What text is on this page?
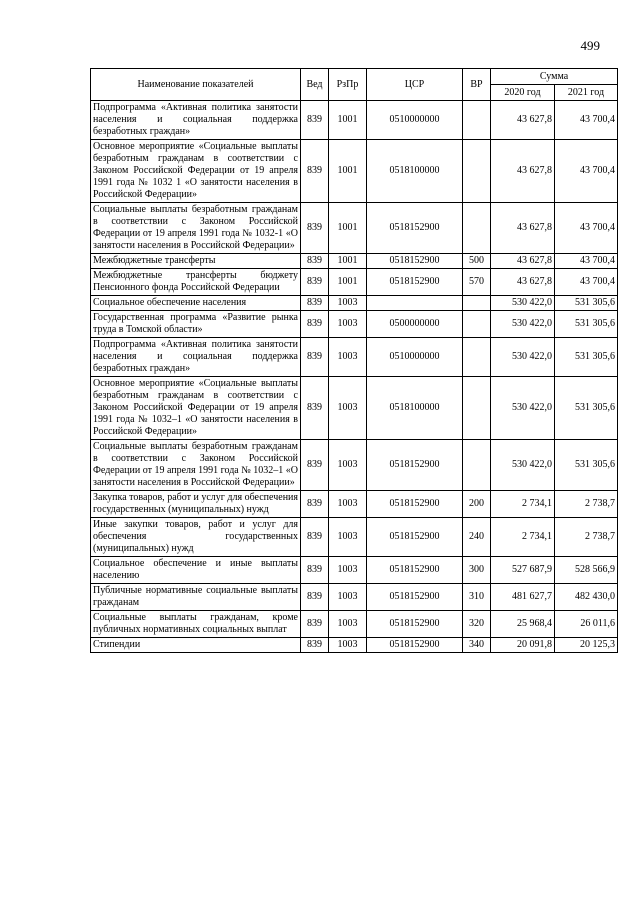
499
Наименование показателей	Вед	РзПр	ЦСР	ВР	Сумма	
					2020 год	2021 год
Подпрограмма «Активная политика занятости населения и социальная поддержка безработных граждан»	839	1001	0510000000		43 627,8	43 700,4
Основное мероприятие «Социальные выплаты безработным гражданам в соответствии с Законом Российской Федерации от 19 апреля 1991 года № 1032 1 «О занятости населения в Российской Федерации»	839	1001	0518100000		43 627,8	43 700,4
Социальные выплаты безработным гражданам в соответствии с Законом Российской Федерации от 19 апреля 1991 года № 1032‑1 «О занятости населения в Российской Федерации»	839	1001	0518152900		43 627,8	43 700,4
Межбюджетные трансферты	839	1001	0518152900	500	43 627,8	43 700,4
Межбюджетные трансферты бюджету Пенсионного фонда Российской Федерации	839	1001	0518152900	570	43 627,8	43 700,4
Социальное обеспечение населения	839	1003			530 422,0	531 305,6
Государственная программа «Развитие рынка труда в Томской области»	839	1003	0500000000		530 422,0	531 305,6
Подпрограмма «Активная политика занятости населения и социальная поддержка безработных граждан»	839	1003	0510000000		530 422,0	531 305,6
Основное мероприятие «Социальные выплаты безработным гражданам в соответствии с Законом Российской Федерации от 19 апреля 1991 года № 1032–1 «О занятости населения в Российской Федерации»	839	1003	0518100000		530 422,0	531 305,6
Социальные выплаты безработным гражданам в соответствии с Законом Российской Федерации от 19 апреля 1991 года № 1032–1 «О занятости населения в Российской Федерации»	839	1003	0518152900		530 422,0	531 305,6
Закупка товаров, работ и услуг для обеспечения государственных (муниципальных) нужд	839	1003	0518152900	200	2 734,1	2 738,7
Иные закупки товаров, работ и услуг для обеспечения государственных (муниципальных) нужд	839	1003	0518152900	240	2 734,1	2 738,7
Социальное обеспечение и иные выплаты населению	839	1003	0518152900	300	527 687,9	528 566,9
Публичные нормативные социальные выплаты гражданам	839	1003	0518152900	310	481 627,7	482 430,0
Социальные выплаты гражданам, кроме публичных нормативных социальных выплат	839	1003	0518152900	320	25 968,4	26 011,6
Стипендии	839	1003	0518152900	340	20 091,8	20 125,3
